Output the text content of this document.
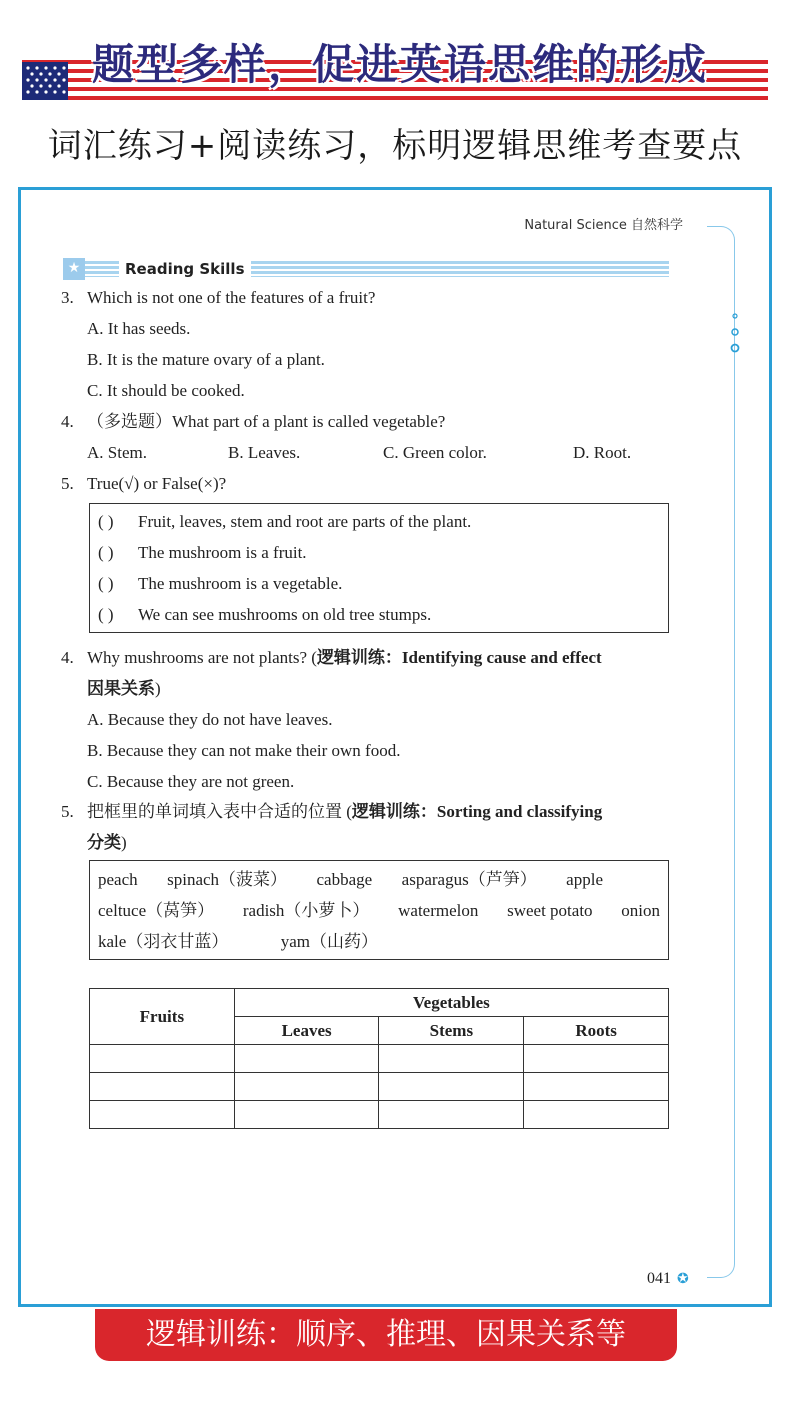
题型多样，促进英语思维的形成
词汇练习+阅读练习，标明逻辑思维考查要点
Natural Science 自然科学
★	Reading Skills
3. Which is not one of the features of a fruit?
A. It has seeds.
B. It is the mature ovary of a plant.
C. It should be cooked.
4. （多选题）What part of a plant is called vegetable?
A. Stem.	B. Leaves.	C. Green color.	D. Root.
5. True(√) or False(×)?
( ) Fruit, leaves, stem and root are parts of the plant.
( ) The mushroom is a fruit.
( ) The mushroom is a vegetable.
( ) We can see mushrooms on old tree stumps.
4. Why mushrooms are not plants? (逻辑训练：Identifying cause and effect
因果关系)
A. Because they do not have leaves.
B. Because they can not make their own food.
C. Because they are not green.
5. 把框里的单词填入表中合适的位置 (逻辑训练：Sorting and classifying
分类)
peach spinach（菠菜） cabbage asparagus（芦笋） apple
celtuce（莴笋） radish（小萝卜） watermelon sweet potato onion
kale（羽衣甘蓝）	yam（山药）
Fruits	Vegetables		
	Leaves	Stems	Roots

041 ✪
逻辑训练：顺序、推理、因果关系等
